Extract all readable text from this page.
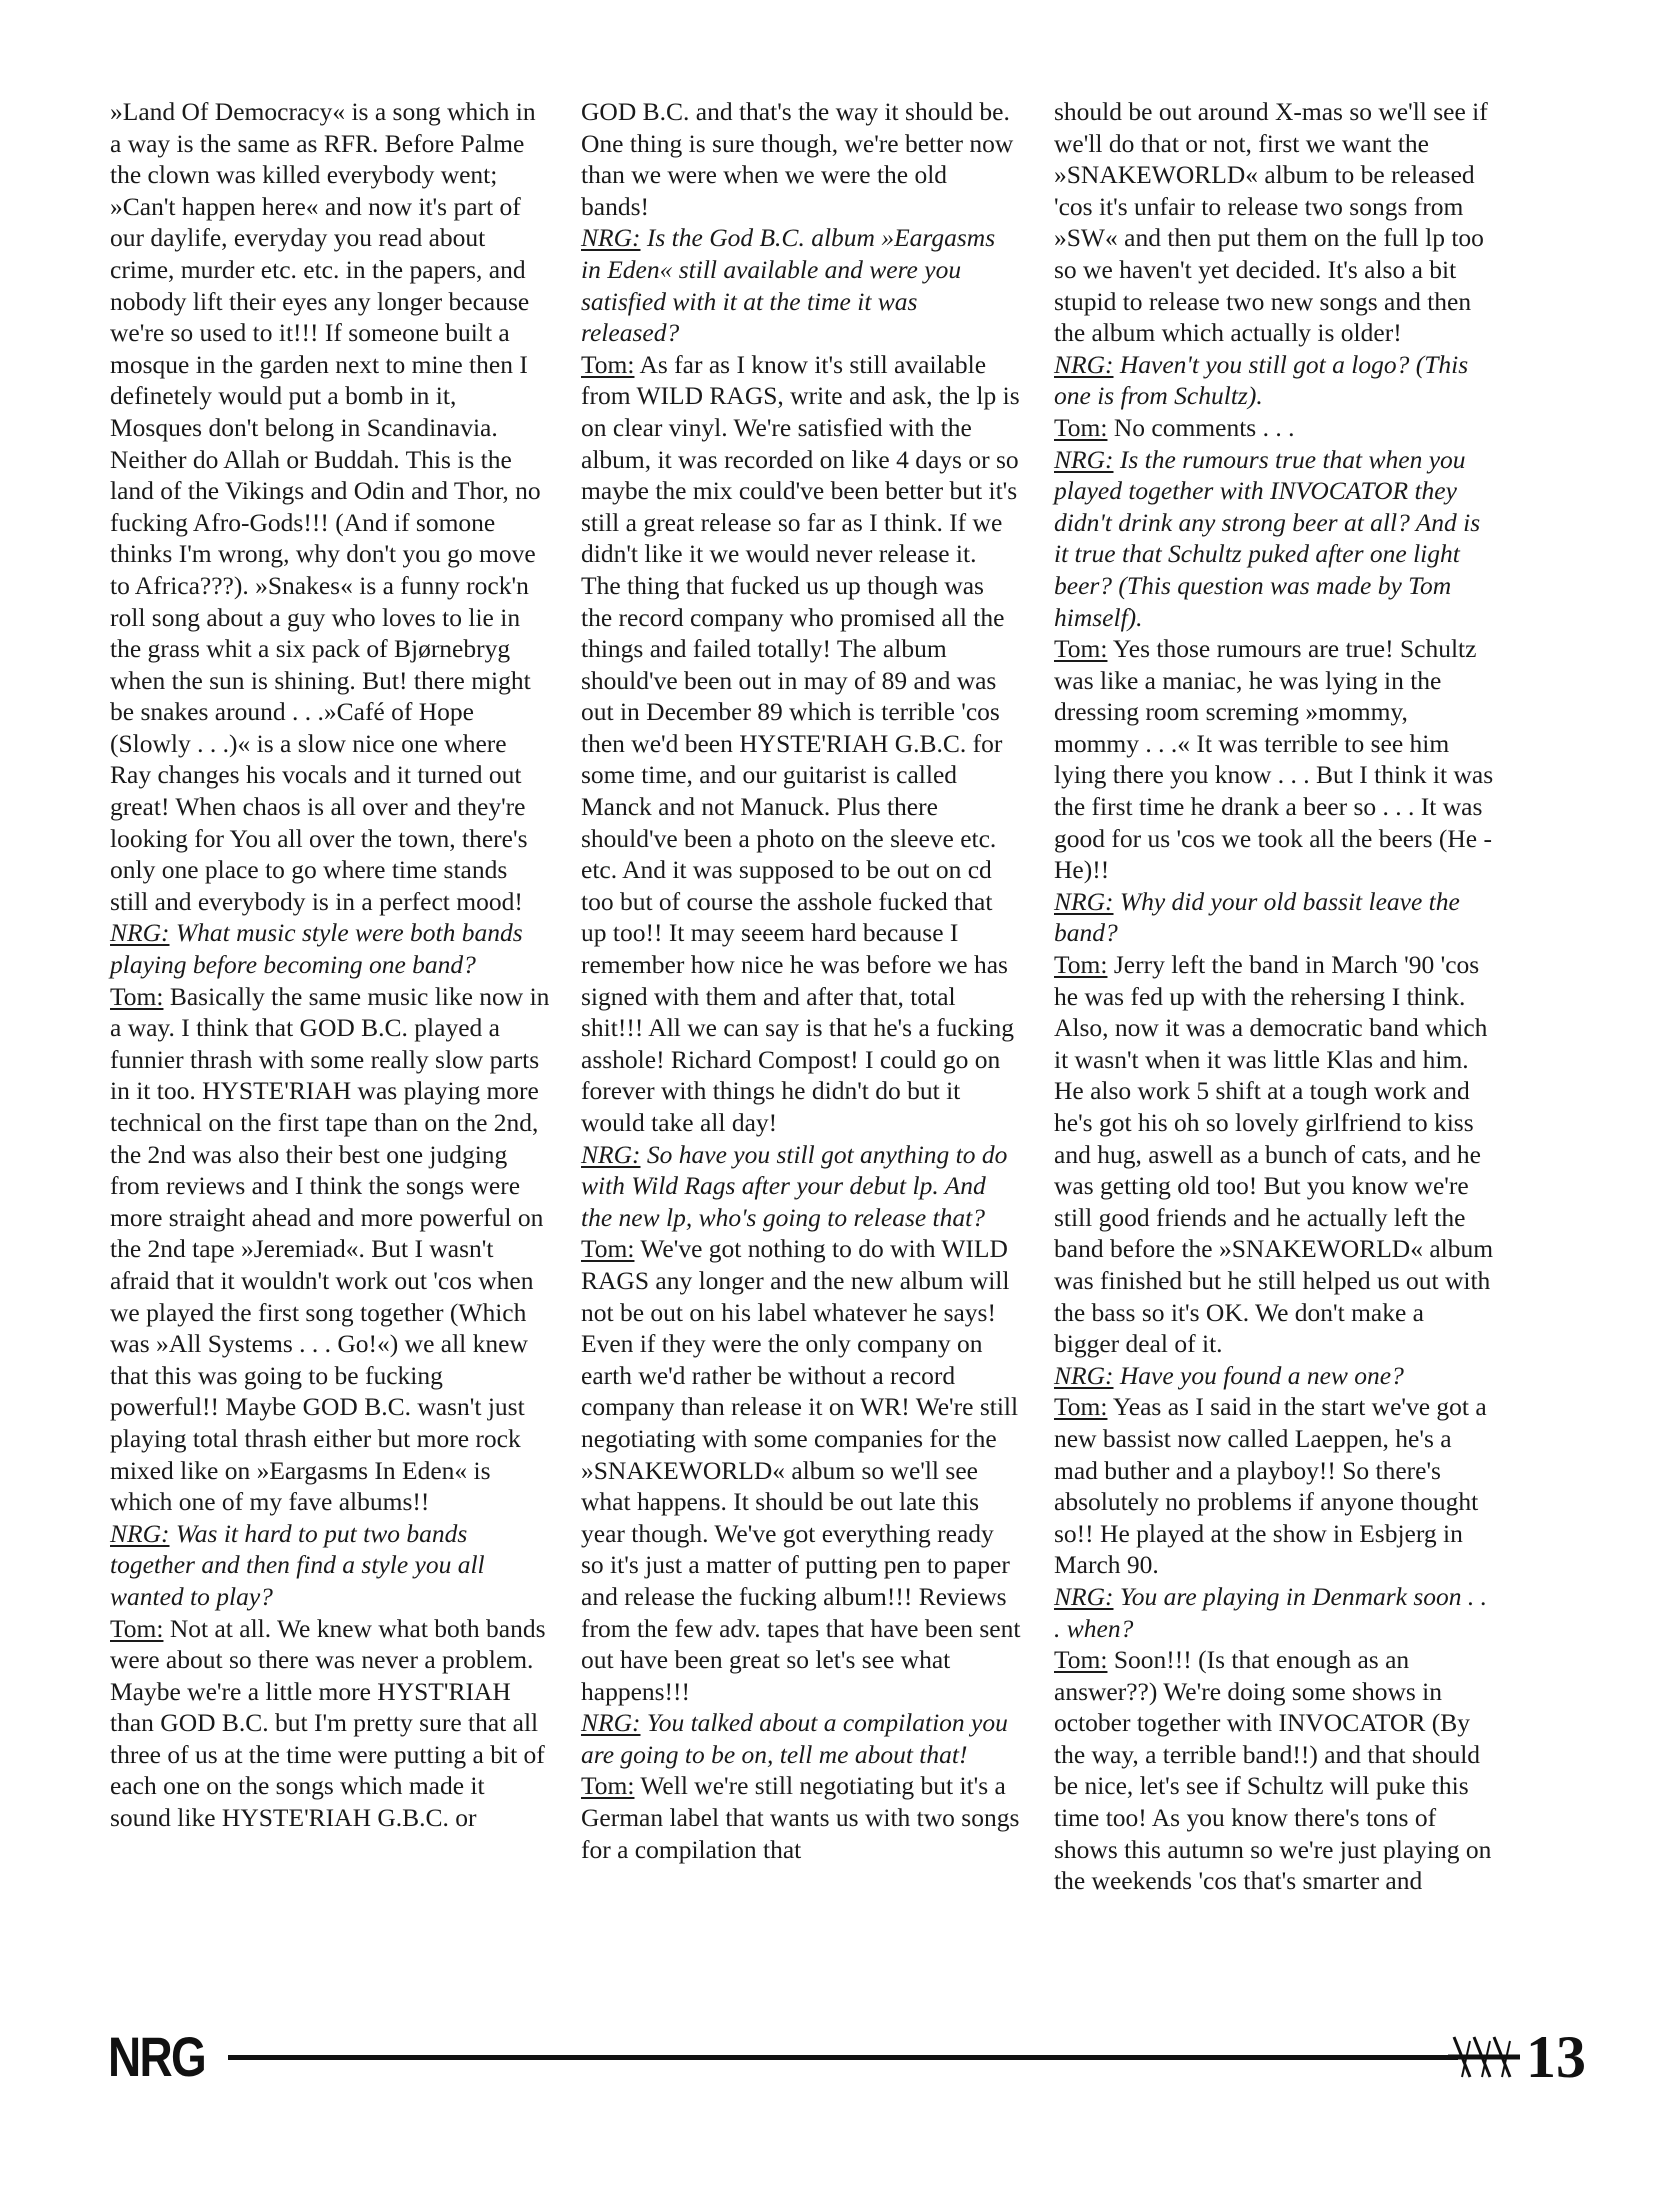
»Land Of Democracy« is a song which in a way is the same as RFR. Before Palme the clown was killed everybody went; »Can't happen here« and now it's part of our daylife, everyday you read about crime, murder etc. etc. in the papers, and nobody lift their eyes any longer because we're so used to it!!! If someone built a mosque in the garden next to mine then I definetely would put a bomb in it, Mosques don't belong in Scandinavia. Neither do Allah or Buddah. This is the land of the Vikings and Odin and Thor, no fucking Afro-Gods!!! (And if somone thinks I'm wrong, why don't you go move to Africa???). »Snakes« is a funny rock'n roll song about a guy who loves to lie in the grass whit a six pack of Bjørnebryg when the sun is shining. But! there might be snakes around . . .»Café of Hope (Slowly . . .)« is a slow nice one where Ray changes his vocals and it turned out great! When chaos is all over and they're looking for You all over the town, there's only one place to go where time stands still and everybody is in a perfect mood!

NRG: What music style were both bands playing before becoming one band?

Tom: Basically the same music like now in a way. I think that GOD B.C. played a funnier thrash with some really slow parts in it too. HYSTE'RIAH was playing more technical on the first tape than on the 2nd, the 2nd was also their best one judging from reviews and I think the songs were more straight ahead and more powerful on the 2nd tape »Jeremiad«. But I wasn't afraid that it wouldn't work out 'cos when we played the first song together (Which was »All Systems . . . Go!«) we all knew that this was going to be fucking powerful!! Maybe GOD B.C. wasn't just playing total thrash either but more rock mixed like on »Eargasms In Eden« is which one of my fave albums!!

NRG: Was it hard to put two bands together and then find a style you all wanted to play?

Tom: Not at all. We knew what both bands were about so there was never a problem. Maybe we're a little more HYST'RIAH than GOD B.C. but I'm pretty sure that all three of us at the time were putting a bit of each one on the songs which made it sound like HYSTE'RIAH G.B.C. or

GOD B.C. and that's the way it should be. One thing is sure though, we're better now than we were when we were the old bands!

NRG: Is the God B.C. album »Eargasms in Eden« still available and were you satisfied with it at the time it was released?

Tom: As far as I know it's still available from WILD RAGS, write and ask, the lp is on clear vinyl. We're satisfied with the album, it was recorded on like 4 days or so maybe the mix could've been better but it's still a great release so far as I think. If we didn't like it we would never release it. The thing that fucked us up though was the record company who promised all the things and failed totally! The album should've been out in may of 89 and was out in December 89 which is terrible 'cos then we'd been HYSTE'RIAH G.B.C. for some time, and our guitarist is called Manck and not Manuck. Plus there should've been a photo on the sleeve etc. etc. And it was supposed to be out on cd too but of course the asshole fucked that up too!! It may seeem hard because I remember how nice he was before we has signed with them and after that, total shit!!! All we can say is that he's a fucking asshole! Richard Compost! I could go on forever with things he didn't do but it would take all day!

NRG: So have you still got anything to do with Wild Rags after your debut lp. And the new lp, who's going to release that?

Tom: We've got nothing to do with WILD RAGS any longer and the new album will not be out on his label whatever he says! Even if they were the only company on earth we'd rather be without a record company than release it on WR! We're still negotiating with some companies for the »SNAKEWORLD« album so we'll see what happens. It should be out late this year though. We've got everything ready so it's just a matter of putting pen to paper and release the fucking album!!! Reviews from the few adv. tapes that have been sent out have been great so let's see what happens!!!

NRG: You talked about a compilation you are going to be on, tell me about that!

Tom: Well we're still negotiating but it's a German label that wants us with two songs for a compilation that

should be out around X-mas so we'll see if we'll do that or not, first we want the »SNAKEWORLD« album to be released 'cos it's unfair to release two songs from »SW« and then put them on the full lp too so we haven't yet decided. It's also a bit stupid to release two new songs and then the album which actually is older!

NRG: Haven't you still got a logo? (This one is from Schultz).

Tom: No comments . . .

NRG: Is the rumours true that when you played together with INVOCATOR they didn't drink any strong beer at all? And is it true that Schultz puked after one light beer? (This question was made by Tom himself).

Tom: Yes those rumours are true! Schultz was like a maniac, he was lying in the dressing room screming »mommy, mommy . . .« It was terrible to see him lying there you know . . . But I think it was the first time he drank a beer so . . . It was good for us 'cos we took all the beers (He - He)!!

NRG: Why did your old bassit leave the band?

Tom: Jerry left the band in March '90 'cos he was fed up with the rehersing I think. Also, now it was a democratic band which it wasn't when it was little Klas and him. He also work 5 shift at a tough work and he's got his oh so lovely girlfriend to kiss and hug, aswell as a bunch of cats, and he was getting old too! But you know we're still good friends and he actually left the band before the »SNAKEWORLD« album was finished but he still helped us out with the bass so it's OK. We don't make a bigger deal of it.

NRG: Have you found a new one?

Tom: Yeas as I said in the start we've got a new bassist now called Laeppen, he's a mad buther and a playboy!! So there's absolutely no problems if anyone thought so!! He played at the show in Esbjerg in March 90.

NRG: You are playing in Denmark soon . . . when?

Tom: Soon!!! (Is that enough as an answer??) We're doing some shows in october together with INVOCATOR (By the way, a terrible band!!) and that should be nice, let's see if Schultz will puke this time too! As you know there's tons of shows this autumn so we're just playing on the weekends 'cos that's smarter and

NRG	13
